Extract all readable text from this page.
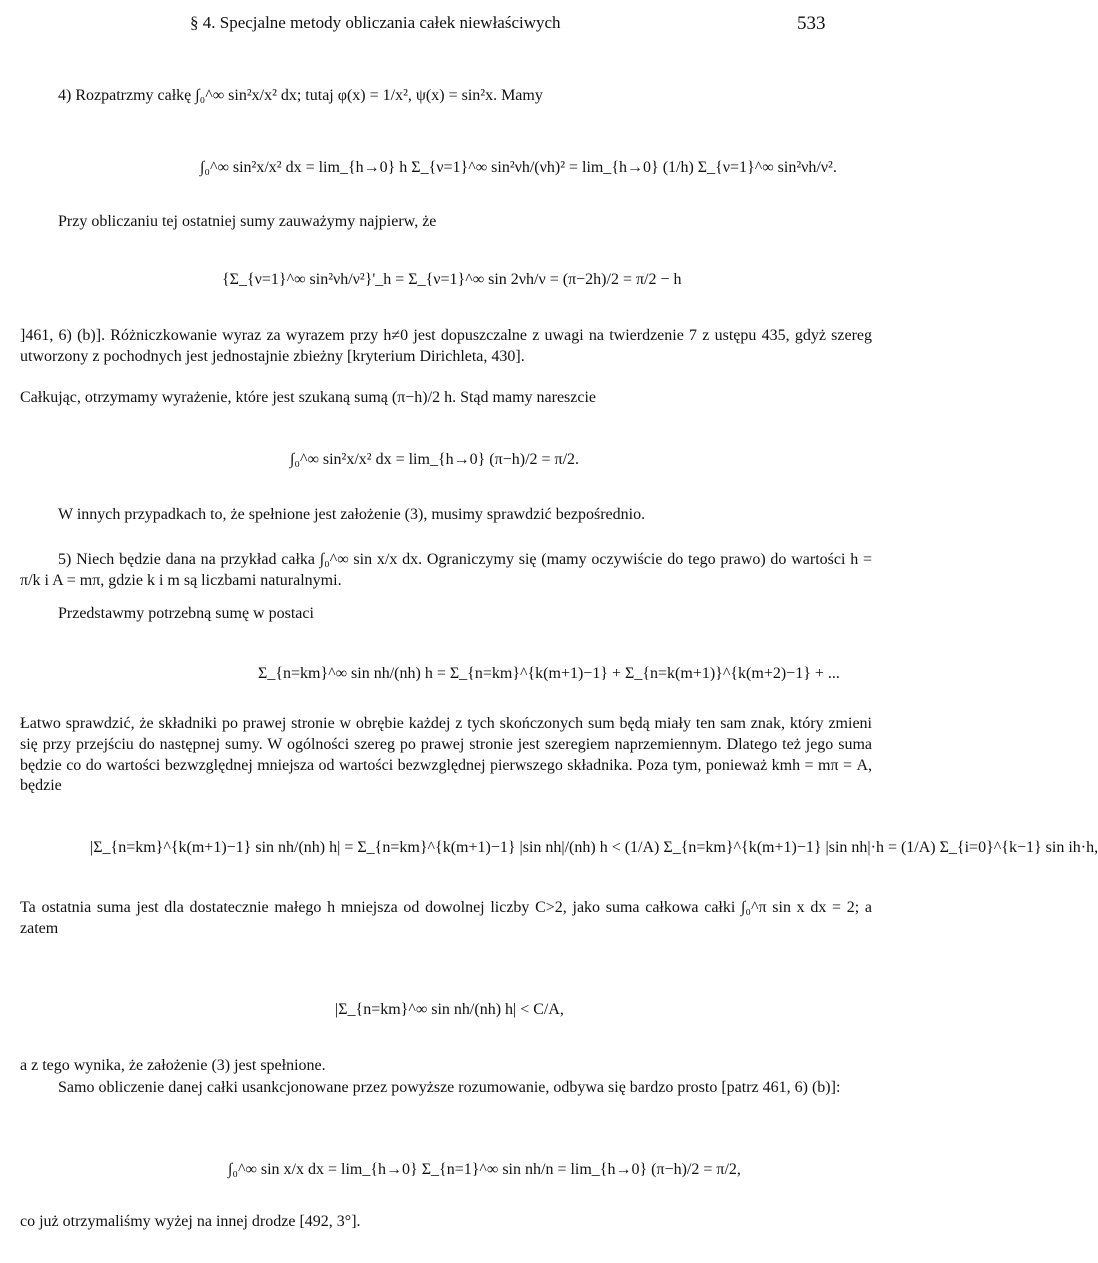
§ 4. Specjalne metody obliczania całek niewłaściwych	533
4) Rozpatrzmy całkę ∫₀^∞ sin²x/x² dx; tutaj φ(x) = 1/x², ψ(x) = sin²x. Mamy
∫₀^∞ sin²x/x² dx = lim_{h→0} h Σ_{ν=1}^∞ sin²νh/(νh)² = lim_{h→0} (1/h) Σ_{ν=1}^∞ sin²νh/ν².
Przy obliczaniu tej ostatniej sumy zauważymy najpierw, że
{Σ_{ν=1}^∞ sin²νh/ν²}'_h = Σ_{ν=1}^∞ sin 2νh/ν = (π−2h)/2 = π/2 − h
]461, 6) (b)]. Różniczkowanie wyraz za wyrazem przy h≠0 jest dopuszczalne z uwagi na twierdzenie 7 z ustępu 435, gdyż szereg utworzony z pochodnych jest jednostajnie zbieżny [kryterium Dirichleta, 430].
Całkując, otrzymamy wyrażenie, które jest szukaną sumą (π−h)/2 h. Stąd mamy nareszcie
∫₀^∞ sin²x/x² dx = lim_{h→0} (π−h)/2 = π/2.
W innych przypadkach to, że spełnione jest założenie (3), musimy sprawdzić bezpośrednio.
5) Niech będzie dana na przykład całka ∫₀^∞ sin x/x dx. Ograniczymy się (mamy oczywiście do tego prawo) do wartości h = π/k i A = mπ, gdzie k i m są liczbami naturalnymi.
Przedstawmy potrzebną sumę w postaci
Σ_{n=km}^∞ sin nh/(nh) h = Σ_{n=km}^{k(m+1)−1} + Σ_{n=k(m+1)}^{k(m+2)−1} + ...
Łatwo sprawdzić, że składniki po prawej stronie w obrębie każdej z tych skończonych sum będą miały ten sam znak, który zmieni się przy przejściu do następnej sumy. W ogólności szereg po prawej stronie jest szeregiem naprzemiennym. Dlatego też jego suma będzie co do wartości bezwzględnej mniejsza od wartości bezwzględnej pierwszego składnika. Poza tym, ponieważ kmh = mπ = A, będzie
|Σ_{n=km}^{k(m+1)−1} sin nh/(nh) h| = Σ_{n=km}^{k(m+1)−1} |sin nh|/(nh) h < (1/A) Σ_{n=km}^{k(m+1)−1} |sin nh|·h = (1/A) Σ_{i=0}^{k−1} sin ih·h,
Ta ostatnia suma jest dla dostatecznie małego h mniejsza od dowolnej liczby C>2, jako suma całkowa całki ∫₀^π sin x dx = 2; a zatem
|Σ_{n=km}^∞ sin nh/(nh) h| < C/A,
a z tego wynika, że założenie (3) jest spełnione.
Samo obliczenie danej całki usankcjonowane przez powyższe rozumowanie, odbywa się bardzo prosto [patrz 461, 6) (b)]:
∫₀^∞ sin x/x dx = lim_{h→0} Σ_{n=1}^∞ sin nh/n = lim_{h→0} (π−h)/2 = π/2,
co już otrzymaliśmy wyżej na innej drodze [492, 3°].
